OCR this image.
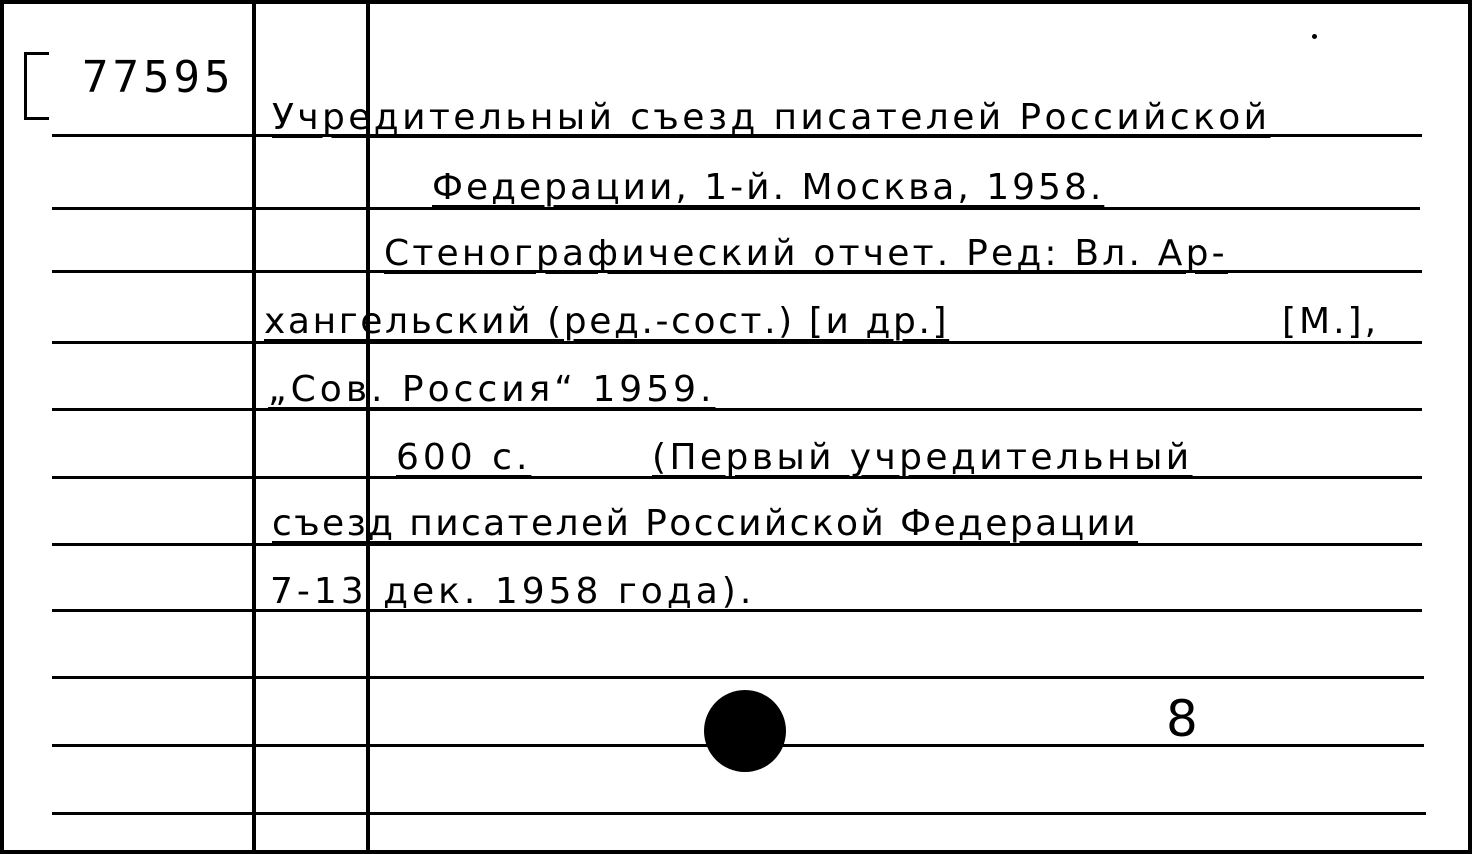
77595
Учредительный съезд писателей Российской
Федерации, 1-й. Москва, 1958.
Стенографический отчет. Ред: Вл. Ар-
хангельский (ред.-сост.) [и др.]	[М.],
„Сов. Россия“ 1959.
600 с.	(Первый учредительный
съезд писателей Российской Федерации
7-13 дек. 1958 года).
8
